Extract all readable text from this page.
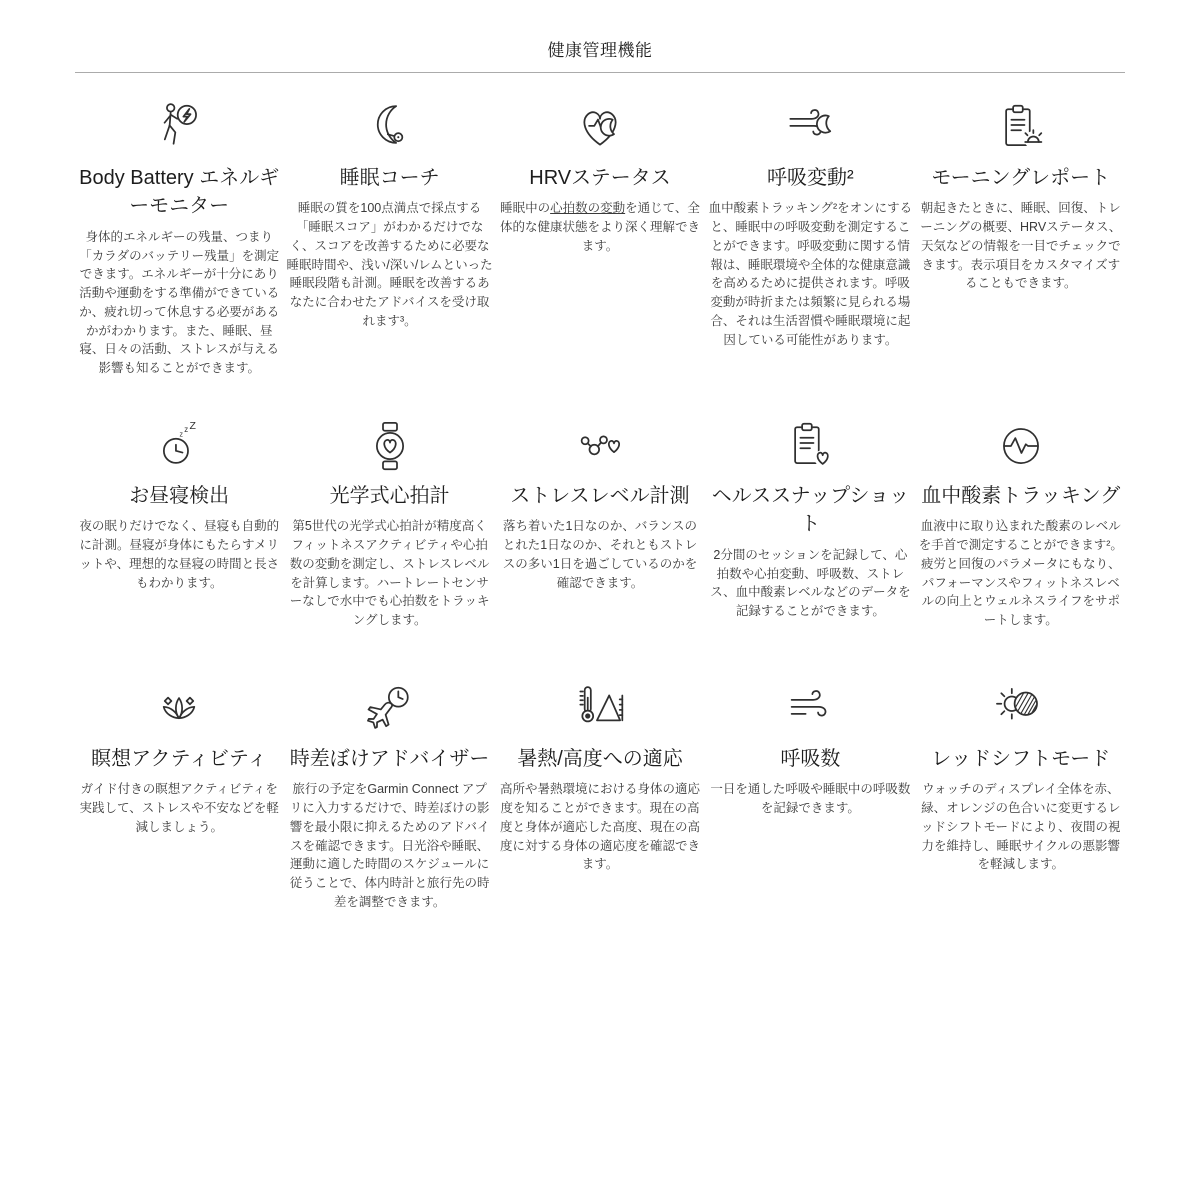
健康管理機能
Body Battery エネルギーモニター

身体的エネルギーの残量、つまり「カラダのバッテリー残量」を測定できます。エネルギーが十分にあり活動や運動をする準備ができているか、疲れ切って休息する必要があるかがわかります。また、睡眠、昼寝、日々の活動、ストレスが与える影響も知ることができます。

睡眠コーチ

睡眠の質を100点満点で採点する「睡眠スコア」がわかるだけでなく、スコアを改善するために必要な睡眠時間や、浅い/深い/レムといった睡眠段階も計測。睡眠を改善するあなたに合わせたアドバイスを受け取れます³。

HRVステータス

睡眠中の心拍数の変動を通じて、全体的な健康状態をより深く理解できます。

呼吸変動²

血中酸素トラッキング²をオンにすると、睡眠中の呼吸変動を測定することができます。呼吸変動に関する情報は、睡眠環境や全体的な健康意識を高めるために提供されます。呼吸変動が時折または頻繁に見られる場合、それは生活習慣や睡眠環境に起因している可能性があります。

モーニングレポート

朝起きたときに、睡眠、回復、トレーニングの概要、HRVステータス、天気などの情報を一目でチェックできます。表示項目をカスタマイズすることもできます。

z
z Z
お昼寝検出

夜の眠りだけでなく、昼寝も自動的に計測。昼寝が身体にもたらすメリットや、理想的な昼寝の時間と長さもわかります。

光学式心拍計

第5世代の光学式心拍計が精度高くフィットネスアクティビティや心拍数の変動を測定し、ストレスレベルを計算します。ハートレートセンサーなしで水中でも心拍数をトラッキングします。

ストレスレベル計測

落ち着いた1日なのか、バランスのとれた1日なのか、それともストレスの多い1日を過ごしているのかを確認できます。

ヘルススナップショット

2分間のセッションを記録して、心拍数や心拍変動、呼吸数、ストレス、血中酸素レベルなどのデータを記録することができます。

血中酸素トラッキング

血液中に取り込まれた酸素のレベルを手首で測定することができます²。 疲労と回復のパラメータにもなり、パフォーマンスやフィットネスレベルの向上とウェルネスライフをサポートします。

瞑想アクティビティ

ガイド付きの瞑想アクティビティを実践して、ストレスや不安などを軽減しましょう。

時差ぼけアドバイザー

旅行の予定をGarmin Connect アプリに入力するだけで、時差ぼけの影響を最小限に抑えるためのアドバイスを確認できます。日光浴や睡眠、運動に適した時間のスケジュールに従うことで、体内時計と旅行先の時差を調整できます。

暑熱/高度への適応

高所や暑熱環境における身体の適応度を知ることができます。現在の高度と身体が適応した高度、現在の高度に対する身体の適応度を確認できます。

呼吸数

一日を通した呼吸や睡眠中の呼吸数を記録できます。

レッドシフトモード

ウォッチのディスプレイ全体を赤、緑、オレンジの色合いに変更するレッドシフトモードにより、夜間の視力を維持し、睡眠サイクルの悪影響を軽減します。
